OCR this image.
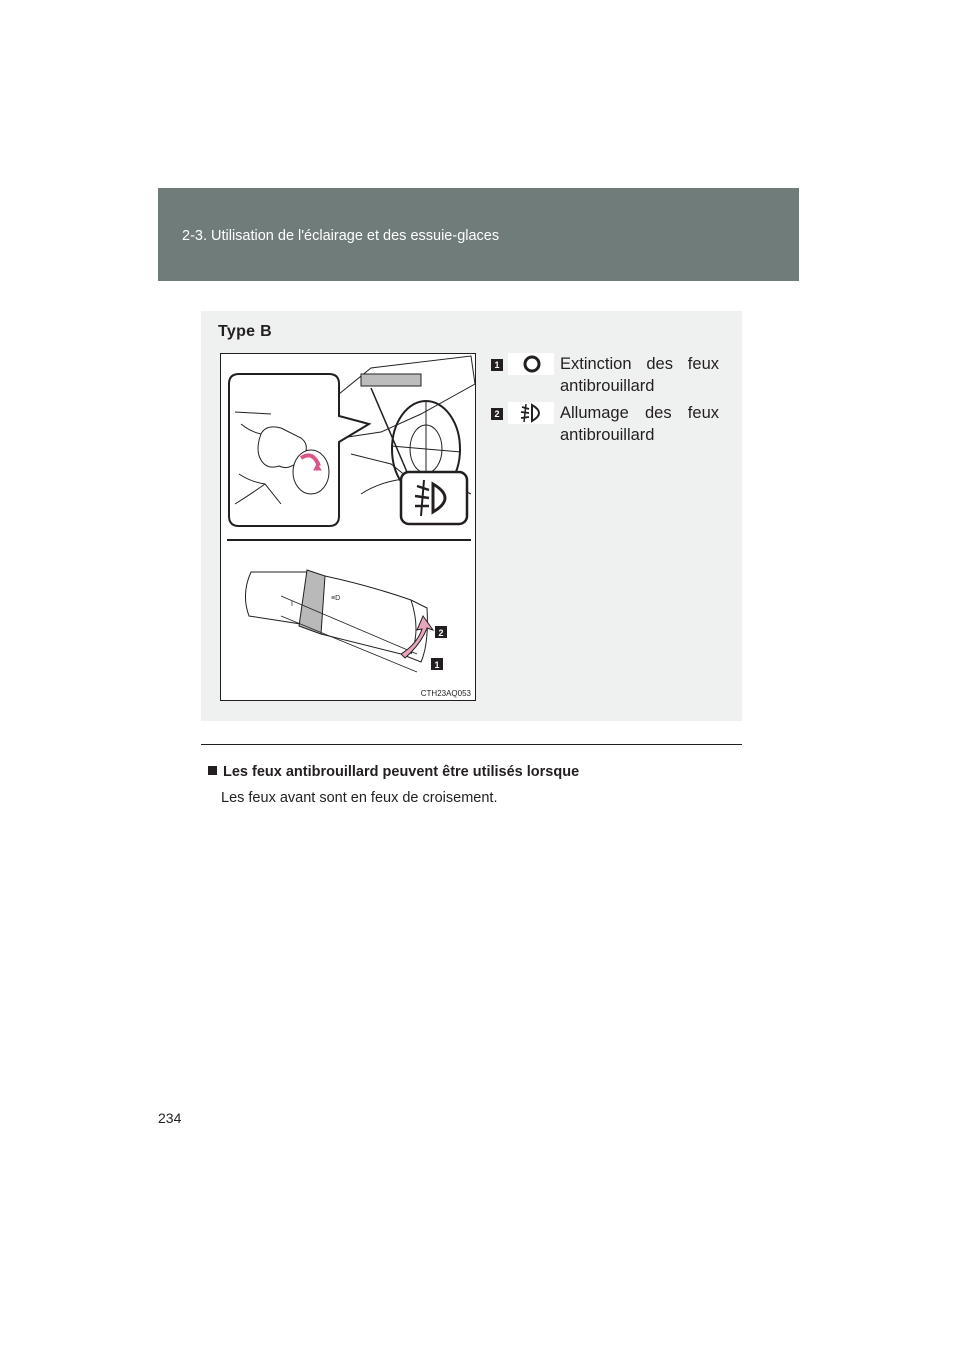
2-3. Utilisation de l'éclairage et des essuie-glaces
Type B
I
≡D
2
1
CTH23AQ053
1	Extinction des feux antibrouillard
2	Allumage des feux antibrouillard
Les feux antibrouillard peuvent être utilisés lorsque
Les feux avant sont en feux de croisement.
234
